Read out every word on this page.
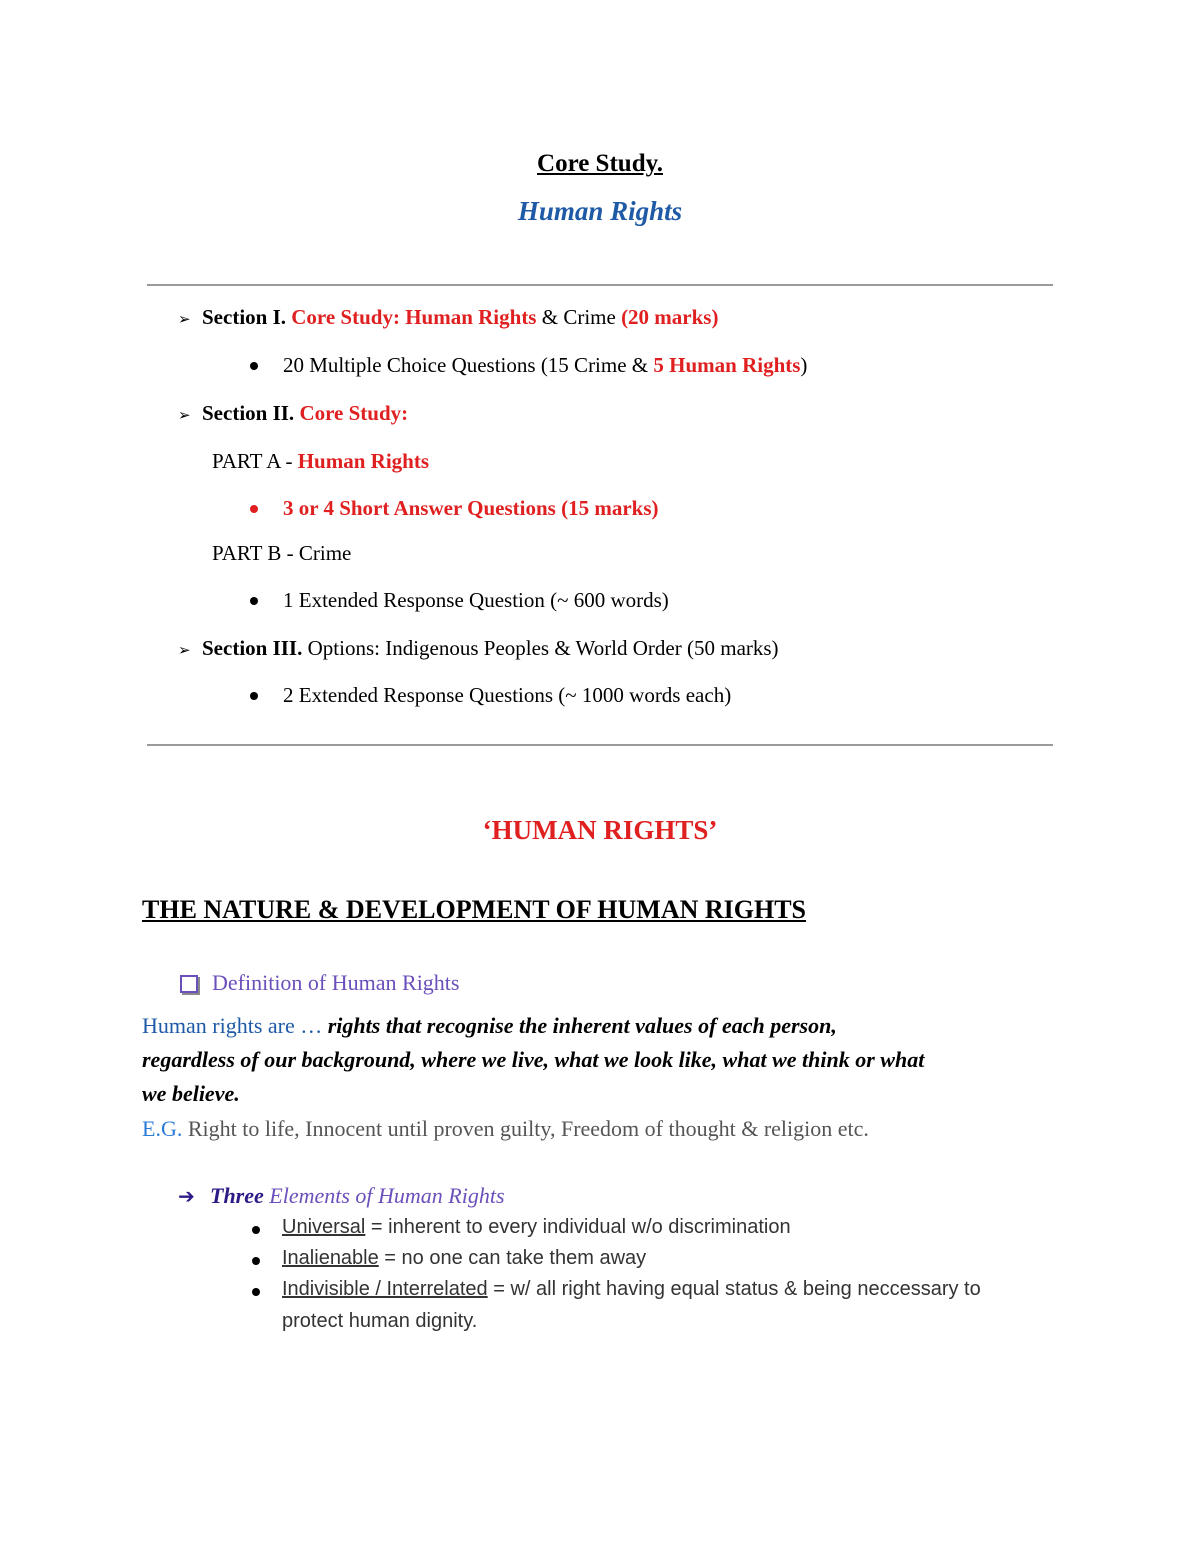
Core Study.
Human Rights
➢ Section I. Core Study: Human Rights & Crime (20 marks)
20 Multiple Choice Questions (15 Crime & 5 Human Rights)
➢ Section II. Core Study:
PART A - Human Rights
3 or 4 Short Answer Questions (15 marks)
PART B - Crime
1 Extended Response Question (~ 600 words)
➢ Section III. Options: Indigenous Peoples & World Order (50 marks)
2 Extended Response Questions (~ 1000 words each)
‘HUMAN RIGHTS’
THE NATURE & DEVELOPMENT OF HUMAN RIGHTS
Definition of Human Rights
Human rights are … rights that recognise the inherent values of each person,
regardless of our background, where we live, what we look like, what we think or what
we believe.
E.G. Right to life, Innocent until proven guilty, Freedom of thought & religion etc.
➔ Three Elements of Human Rights
Universal = inherent to every individual w/o discrimination
Inalienable = no one can take them away
Indivisible / Interrelated = w/ all right having equal status & being neccessary to
protect human dignity.
